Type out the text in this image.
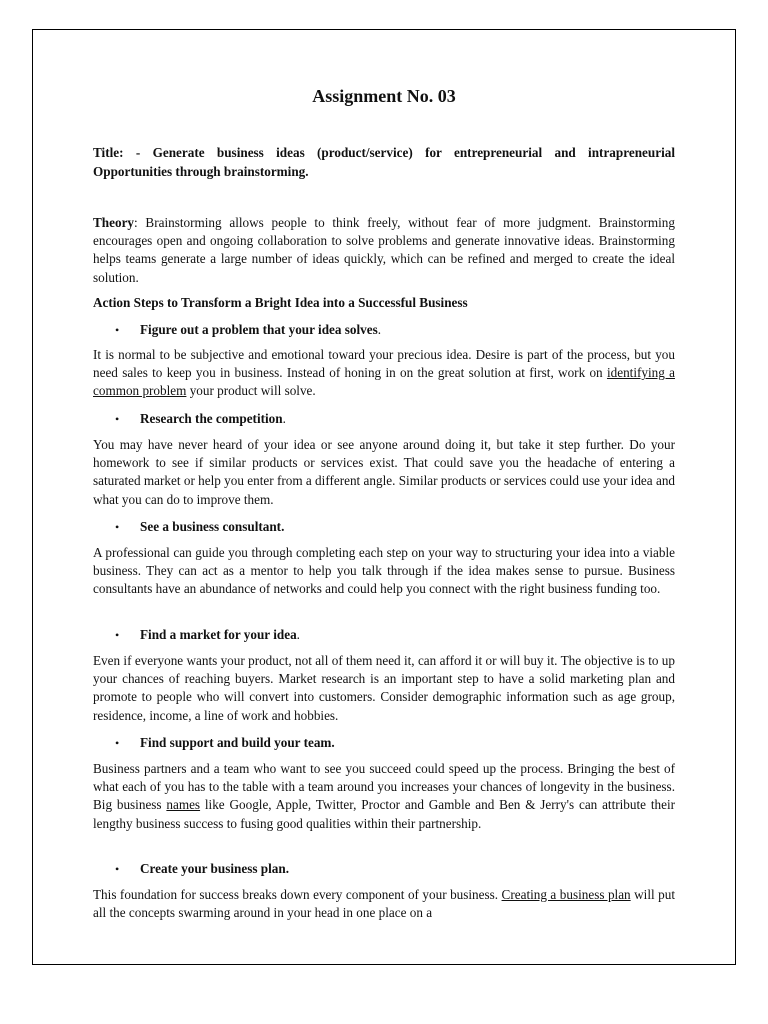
Assignment No. 03
Title: - Generate business ideas (product/service) for entrepreneurial and intrapreneurial Opportunities through brainstorming.

Theory: Brainstorming allows people to think freely, without fear of more judgment. Brainstorming encourages open and ongoing collaboration to solve problems and generate innovative ideas. Brainstorming helps teams generate a large number of ideas quickly, which can be refined and merged to create the ideal solution.

Action Steps to Transform a Bright Idea into a Successful Business
• Figure out a problem that your idea solves.

It is normal to be subjective and emotional toward your precious idea. Desire is part of the process, but you need sales to keep you in business. Instead of honing in on the great solution at first, work on identifying a common problem your product will solve.

• Research the competition.

You may have never heard of your idea or see anyone around doing it, but take it step further. Do your homework to see if similar products or services exist. That could save you the headache of entering a saturated market or help you enter from a different angle. Similar products or services could use your idea and what you can do to improve them.

• See a business consultant.

A professional can guide you through completing each step on your way to structuring your idea into a viable business. They can act as a mentor to help you talk through if the idea makes sense to pursue. Business consultants have an abundance of networks and could help you connect with the right business funding too.

• Find a market for your idea.

Even if everyone wants your product, not all of them need it, can afford it or will buy it. The objective is to up your chances of reaching buyers. Market research is an important step to have a solid marketing plan and promote to people who will convert into customers. Consider demographic information such as age group, residence, income, a line of work and hobbies.

• Find support and build your team.

Business partners and a team who want to see you succeed could speed up the process. Bringing the best of what each of you has to the table with a team around you increases your chances of longevity in the business. Big business names like Google, Apple, Twitter, Proctor and Gamble and Ben & Jerry's can attribute their lengthy business success to fusing good qualities within their partnership.

• Create your business plan.

This foundation for success breaks down every component of your business. Creating a business plan will put all the concepts swarming around in your head in one place on a
